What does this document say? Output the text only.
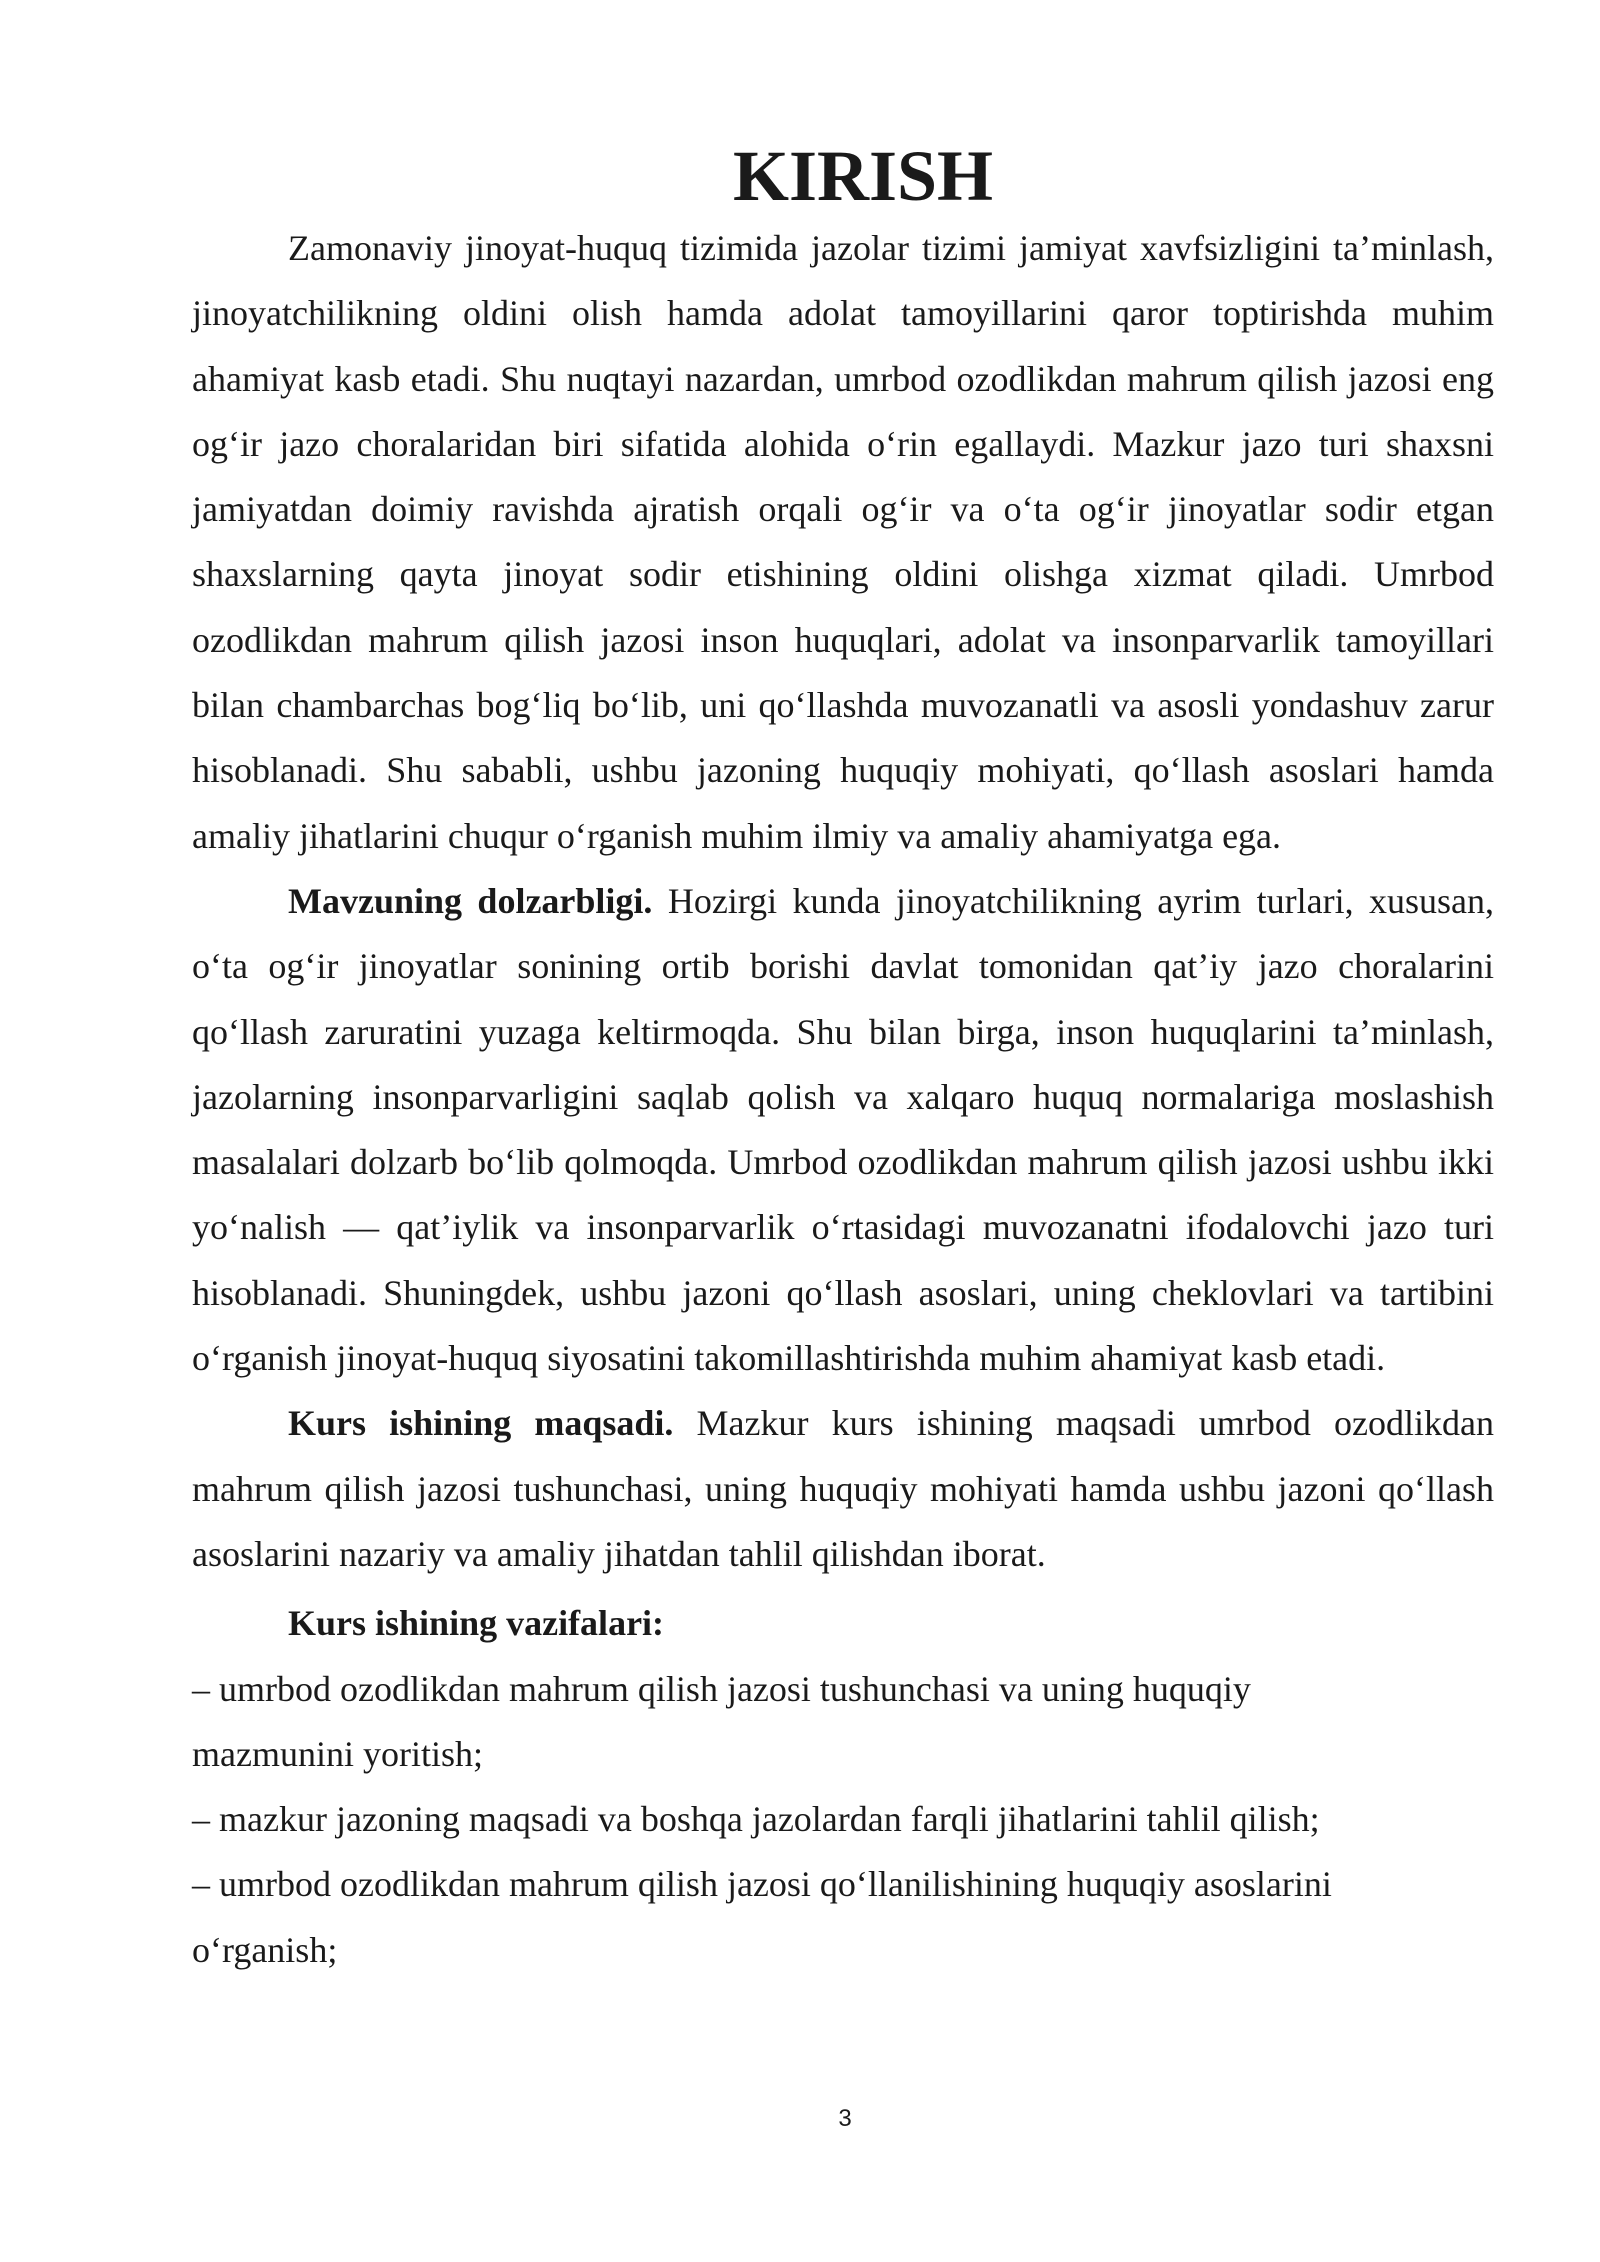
KIRISH

Zamonaviy jinoyat-huquq tizimida jazolar tizimi jamiyat xavfsizligini ta’minlash, jinoyatchilikning oldini olish hamda adolat tamoyillarini qaror toptirishda muhim ahamiyat kasb etadi. Shu nuqtayi nazardan, umrbod ozodlikdan mahrum qilish jazosi eng og‘ir jazo choralaridan biri sifatida alohida o‘rin egallaydi. Mazkur jazo turi shaxsni jamiyatdan doimiy ravishda ajratish orqali og‘ir va o‘ta og‘ir jinoyatlar sodir etgan shaxslarning qayta jinoyat sodir etishining oldini olishga xizmat qiladi. Umrbod ozodlikdan mahrum qilish jazosi inson huquqlari, adolat va insonparvarlik tamoyillari bilan chambarchas bog‘liq bo‘lib, uni qo‘llashda muvozanatli va asosli yondashuv zarur hisoblanadi. Shu sababli, ushbu jazoning huquqiy mohiyati, qo‘llash asoslari hamda amaliy jihatlarini chuqur o‘rganish muhim ilmiy va amaliy ahamiyatga ega.

Mavzuning dolzarbligi. Hozirgi kunda jinoyatchilikning ayrim turlari, xususan, o‘ta og‘ir jinoyatlar sonining ortib borishi davlat tomonidan qat’iy jazo choralarini qo‘llash zaruratini yuzaga keltirmoqda. Shu bilan birga, inson huquqlarini ta’minlash, jazolarning insonparvarligini saqlab qolish va xalqaro huquq normalariga moslashish masalalari dolzarb bo‘lib qolmoqda. Umrbod ozodlikdan mahrum qilish jazosi ushbu ikki yo‘nalish — qat’iylik va insonparvarlik o‘rtasidagi muvozanatni ifodalovchi jazo turi hisoblanadi. Shuningdek, ushbu jazoni qo‘llash asoslari, uning cheklovlari va tartibini o‘rganish jinoyat-huquq siyosatini takomillashtirishda muhim ahamiyat kasb etadi.

Kurs ishining maqsadi. Mazkur kurs ishining maqsadi umrbod ozodlikdan mahrum qilish jazosi tushunchasi, uning huquqiy mohiyati hamda ushbu jazoni qo‘llash asoslarini nazariy va amaliy jihatdan tahlil qilishdan iborat.

Kurs ishining vazifalari:

– umrbod ozodlikdan mahrum qilish jazosi tushunchasi va uning huquqiy mazmunini yoritish;
– mazkur jazoning maqsadi va boshqa jazolardan farqli jihatlarini tahlil qilish;
– umrbod ozodlikdan mahrum qilish jazosi qo‘llanilishining huquqiy asoslarini o‘rganish;
3
